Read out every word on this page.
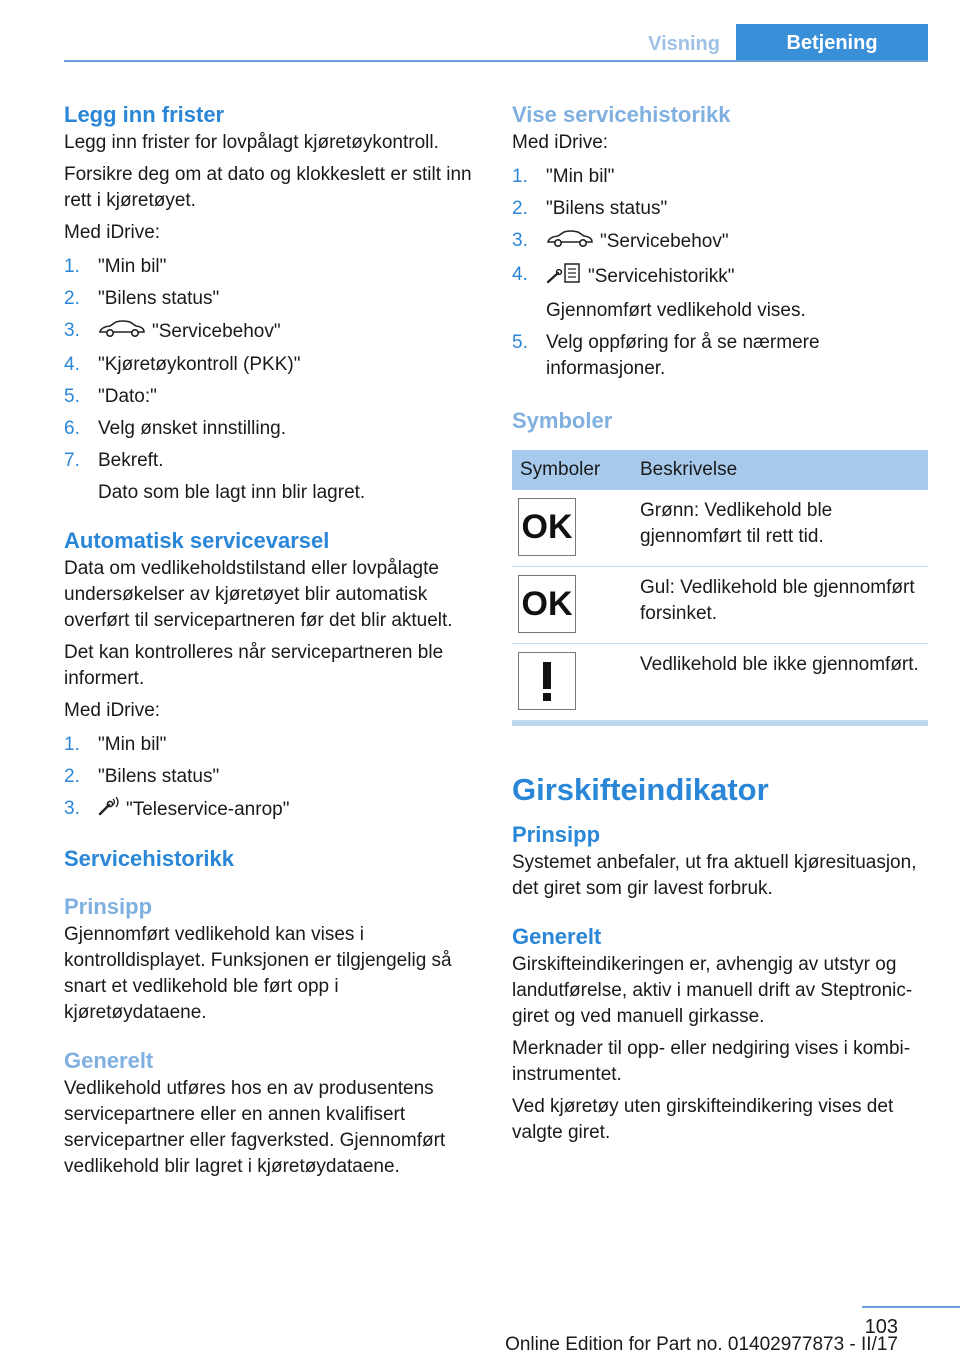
Visning	Betjening
Legg inn frister

Legg inn frister for lovpålagt kjøretøykontroll.

Forsikre deg om at dato og klokkeslett er stilt inn rett i kjøretøyet.

Med iDrive:

1. "Min bil"
2. "Bilens status"
3.	"Servicebehov"
4. "Kjøretøykontroll (PKK)"
5. "Dato:"
6. Velg ønsket innstilling.
7. Bekreft.
Dato som ble lagt inn blir lagret.
Automatisk servicevarsel

Data om vedlikeholdstilstand eller lovpålagte undersøkelser av kjøretøyet blir automatisk overført til servicepartneren før det blir aktuelt.

Det kan kontrolleres når servicepartneren ble informert.

Med iDrive:

1. "Min bil"
2. "Bilens status"
3. "Teleservice-anrop"
Servicehistorikk
Prinsipp

Gjennomført vedlikehold kan vises i kontrolldisplayet. Funksjonen er tilgjengelig så snart et vedlikehold ble ført opp i kjøretøydataene.

Generelt

Vedlikehold utføres hos en av produsentens servicepartnere eller en annen kvalifisert servicepartner eller fagverksted. Gjennomført vedlikehold blir lagret i kjøretøydataene.

Vise servicehistorikk

Med iDrive:

1. "Min bil"
2. "Bilens status"
3.	"Servicebehov"
4.	"Servicehistorikk"
Gjennomført vedlikehold vises.
5. Velg oppføring for å se nærmere informasjoner.
Symboler
Symboler	Beskrivelse

OK	Grønn: Vedlikehold ble gjennomført til rett tid.

OK	Gul: Vedlikehold ble gjennomført forsinket.

	Vedlikehold ble ikke gjennomført.
Girskifteindikator
Prinsipp

Systemet anbefaler, ut fra aktuell kjøresituasjon, det giret som gir lavest forbruk.

Generelt

Girskifteindikeringen er, avhengig av utstyr og landutførelse, aktiv i manuell drift av Steptronic-giret og ved manuell girkasse.

Merknader til opp- eller nedgiring vises i kombi-instrumentet.

Ved kjøretøy uten girskifteindikering vises det valgte giret.

103
Online Edition for Part no. 01402977873 - II/17
